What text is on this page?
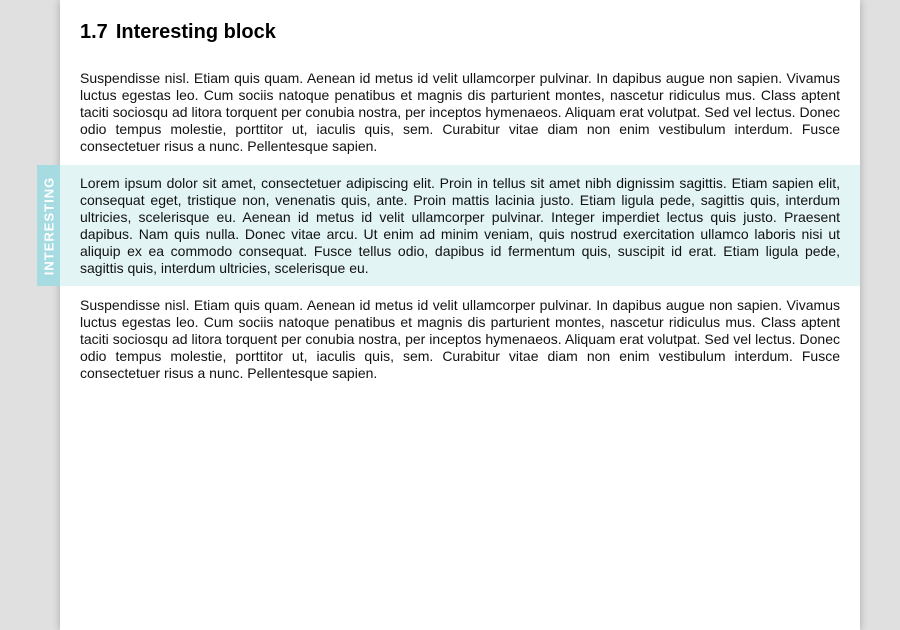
1.7 Interesting block

Suspendisse nisl. Etiam quis quam. Aenean id metus id velit ullamcorper pulvinar. In dapibus augue non sapien. Vivamus luctus egestas leo. Cum sociis natoque penatibus et magnis dis parturient montes, nascetur ridiculus mus. Class aptent taciti sociosqu ad litora torquent per conubia nostra, per inceptos hymenaeos. Aliquam erat volutpat. Sed vel lectus. Donec odio tempus molestie, porttitor ut, iaculis quis, sem. Curabitur vitae diam non enim vestibulum interdum. Fusce consectetuer risus a nunc. Pellentesque sapien.

INTERESTING Lorem ipsum dolor sit amet, consectetuer adipiscing elit. Proin in tellus sit amet nibh dignissim sagittis. Etiam sapien elit, consequat eget, tristique non, venenatis quis, ante. Proin mattis lacinia justo. Etiam ligula pede, sagittis quis, interdum ultricies, scelerisque eu. Aenean id metus id velit ullamcorper pulvinar. Integer imperdiet lectus quis justo. Praesent dapibus. Nam quis nulla. Donec vitae arcu. Ut enim ad minim veniam, quis nostrud exercitation ullamco laboris nisi ut aliquip ex ea commodo consequat. Fusce tellus odio, dapibus id fermentum quis, suscipit id erat. Etiam ligula pede, sagittis quis, interdum ultricies, scelerisque eu.

Suspendisse nisl. Etiam quis quam. Aenean id metus id velit ullamcorper pulvinar. In dapibus augue non sapien. Vivamus luctus egestas leo. Cum sociis natoque penatibus et magnis dis parturient montes, nascetur ridiculus mus. Class aptent taciti sociosqu ad litora torquent per conubia nostra, per inceptos hymenaeos. Aliquam erat volutpat. Sed vel lectus. Donec odio tempus molestie, porttitor ut, iaculis quis, sem. Curabitur vitae diam non enim vestibulum interdum. Fusce consectetuer risus a nunc. Pellentesque sapien.
